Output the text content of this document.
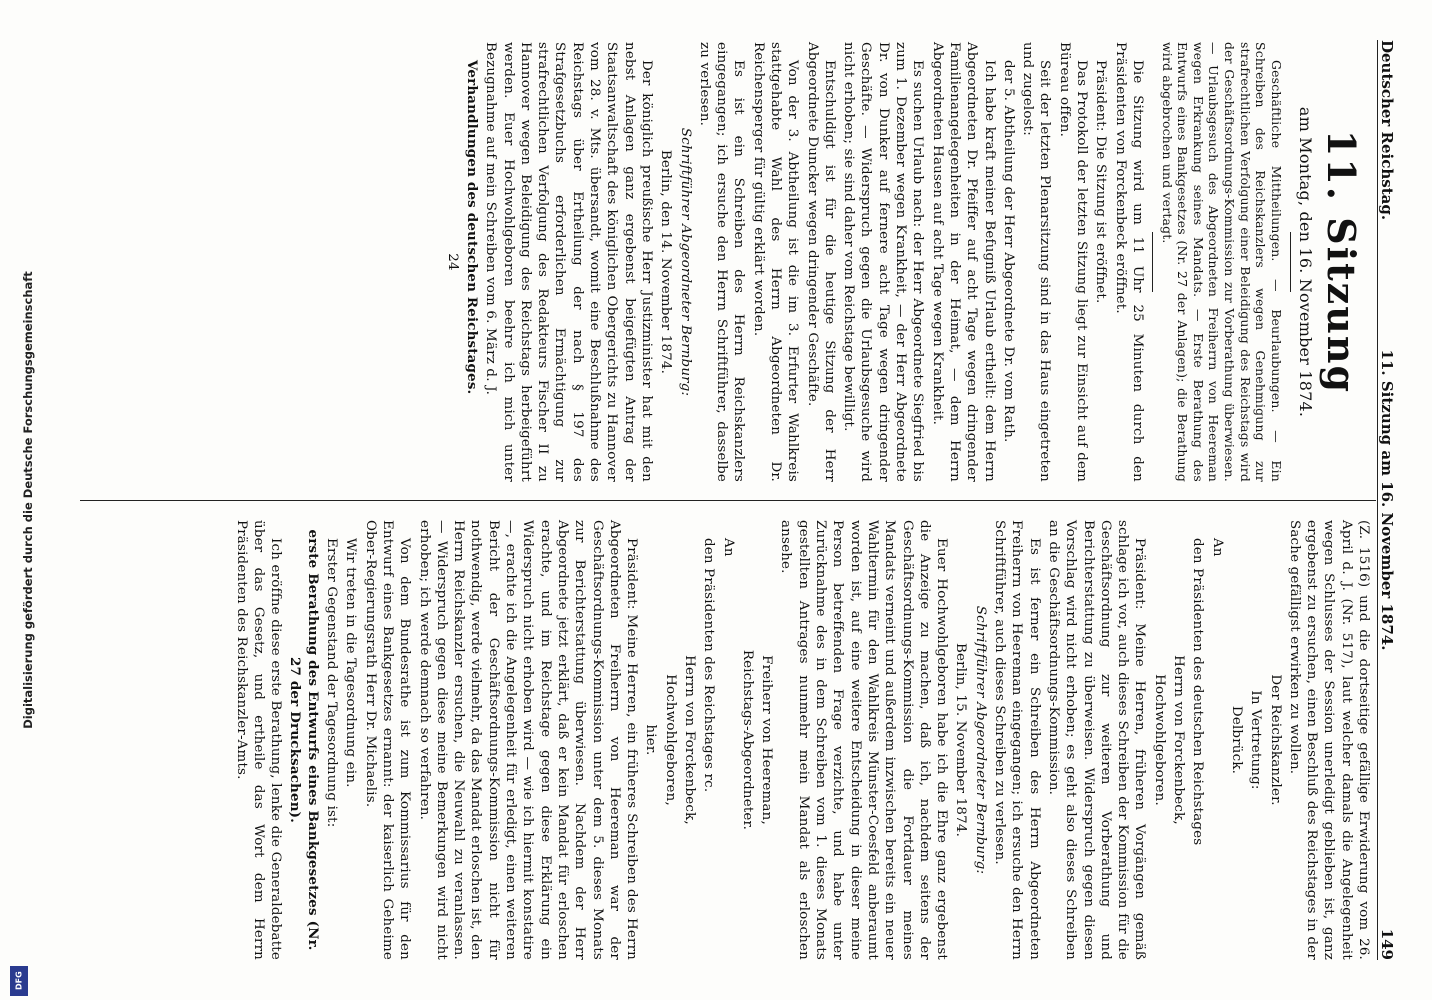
Digitalisierung gefördert durch die Deutsche Forschungsgemeinschaft
DFG
Deutscher Reichstag.
11. Sitzung am 16. November 1874.
149
11. Sitzung
am Montag, den 16. November 1874.

Geschäftliche Mittheilungen. — Beurlaubungen. — Ein Schreiben des Reichskanzlers wegen Genehmigung zur strafrechtlichen Verfolgung einer Beleidigung des Reichstags wird der Geschäftsordnungs-Kommission zur Vorberathung überwiesen. — Urlaubsgesuch des Abgeordneten Freiherrn von Heereman wegen Erkrankung seines Mandats. — Erste Berathung des Entwurfs eines Bankgesetzes (Nr. 27 der Anlagen); die Berathung wird abgebrochen und vertagt.

Die Sitzung wird um 11 Uhr 25 Minuten durch den Präsidenten von Forckenbeck eröffnet.

Präsident: Die Sitzung ist eröffnet.

Das Protokoll der letzten Sitzung liegt zur Einsicht auf dem Büreau offen.

Seit der letzten Plenarsitzung sind in das Haus eingetreten und zugelost:

der 5. Abtheilung der Herr Abgeordnete Dr. vom Rath.

Ich habe kraft meiner Befugniß Urlaub ertheilt: dem Herrn Abgeordneten Dr. Pfeiffer auf acht Tage wegen dringender Familienangelegenheiten in der Heimat, — dem Herrn Abgeordneten Hausen auf acht Tage wegen Krankheit.

Es suchen Urlaub nach: der Herr Abgeordnete Siegfried bis zum 1. Dezember wegen Krankheit, — der Herr Abgeordnete Dr. von Dunker auf fernere acht Tage wegen dringender Geschäfte. — Widerspruch gegen die Urlaubsgesuche wird nicht erhoben; sie sind daher vom Reichstage bewilligt.

Entschuldigt ist für die heutige Sitzung der Herr Abgeordnete Duncker wegen dringender Geschäfte.

Von der 3. Abtheilung ist die im 3. Erfurter Wahlkreis stattgehabte Wahl des Herrn Abgeordneten Dr. Reichensperger für gültig erklärt worden.

Es ist ein Schreiben des Herrn Reichskanzlers eingegangen; ich ersuche den Herrn Schriftführer, dasselbe zu verlesen.

Schriftführer Abgeordneter Bernburg:

Berlin, den 14. November 1874.

Der königlich preußische Herr Justizminister hat mit den nebst Anlagen ganz ergebenst beigefügten Antrag der Staatsanwaltschaft des königlichen Obergerichts zu Hannover vom 28. v. Mts. übersandt, womit eine Beschlußnahme des Reichstags über Ertheilung der nach § 197 des Strafgesetzbuchs erforderlichen Ermächtigung zur strafrechtlichen Verfolgung des Redakteurs Fischer II zu Hannover wegen Beleidigung des Reichstags herbeigeführt werden. Euer Hochwohlgeboren beehre ich mich unter Bezugnahme auf mein Schreiben vom 6. März d. J.

Verhandlungen des deutschen Reichstages.

24

(Z. 1516) und die dortseitige gefällige Erwiderung vom 26. April d. J. (Nr. 517), laut welcher damals die Angelegenheit wegen Schlusses der Session unerledigt geblieben ist, ganz ergebenst zu ersuchen, einen Beschluß des Reichstages in der Sache gefälligst erwirken zu wollen.

Der Reichskanzler.

In Vertretung:

Delbrück.

An

den Präsidenten des deutschen Reichstages

Herrn von Forckenbeck,

Hochwohlgeboren.

Präsident: Meine Herren, früheren Vorgängen gemäß schlage ich vor, auch dieses Schreiben der Kommission für die Geschäftsordnung zur weiteren Vorberathung und Berichterstattung zu überweisen. Widerspruch gegen diesen Vorschlag wird nicht erhoben; es geht also dieses Schreiben an die Geschäftsordnungs-Kommission.

Es ist ferner ein Schreiben des Herrn Abgeordneten Freiherrn von Heereman eingegangen; ich ersuche den Herrn Schriftführer, auch dieses Schreiben zu verlesen.

Schriftführer Abgeordneter Bernburg:

Berlin, 15. November 1874.

Euer Hochwohlgeboren habe ich die Ehre ganz ergebenst die Anzeige zu machen, daß ich, nachdem seitens der Geschäftsordnungs-Kommission die Fortdauer meines Mandats verneint und außerdem inzwischen bereits ein neuer Wahltermin für den Wahlkreis Münster-Coesfeld anberaumt worden ist, auf eine weitere Entscheidung in dieser meine Person betreffenden Frage verzichte, und habe unter Zurücknahme des in dem Schreiben vom 1. dieses Monats gestellten Antrages nunmehr mein Mandat als erloschen ansehe.

Freiherr von Heereman,

Reichstags-Abgeordneter.

An

den Präsidenten des Reichstages rc.

Herrn von Forckenbeck,

Hochwohlgeboren,

hier.

Präsident: Meine Herren, ein früheres Schreiben des Herrn Abgeordneten Freiherrn von Heereman war der Geschäftsordnungs-Kommission unter dem 5. dieses Monats zur Berichterstattung überwiesen. Nachdem der Herr Abgeordnete jetzt erklärt, daß er kein Mandat für erloschen erachte, und im Reichstage gegen diese Erklärung ein Widerspruch nicht erhoben wird — wie ich hiermit konstatire —, erachte ich die Angelegenheit für erledigt, einen weiteren Bericht der Geschäftsordnungs-Kommission nicht für nothwendig, werde vielmehr, da das Mandat erloschen ist, den Herrn Reichskanzler ersuchen, die Neuwahl zu veranlassen. — Widerspruch gegen diese meine Bemerkungen wird nicht erhoben; ich werde demnach so verfahren.

Von dem Bundesrathe ist zum Kommissarius für den Entwurf eines Bankgesetzes ernannt: der kaiserlich Geheime Ober-Regierungsrath Herr Dr. Michaelis.

Wir treten in die Tagesordnung ein.

Erster Gegenstand der Tagesordnung ist:

erste Berathung des Entwurfs eines Bankgesetzes (Nr. 27 der Drucksachen).

Ich eröffne diese erste Berathung, lenke die Generaldebatte über das Gesetz, und ertheile das Wort dem Herrn Präsidenten des Reichskanzler-Amts.
